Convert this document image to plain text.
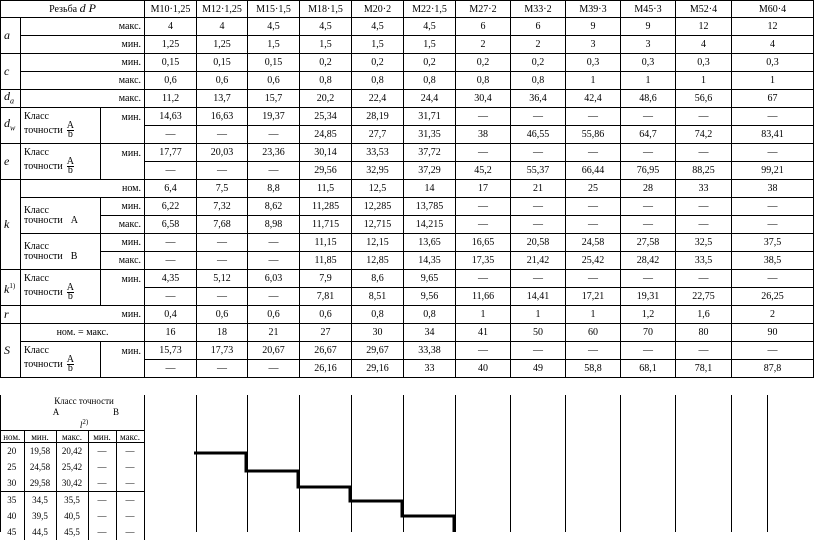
Резьба d P			M10·1,25	M12·1,25	M15·1,5	M18·1,5	M20·2	M22·1,5	M27·2	M33·2	M39·3	M45·3	M52·4	M60·4
a	макс.		4	4	4,5	4,5	4,5	4,5	6	6	9	9	12	12
	мин.		1,25	1,25	1,5	1,5	1,5	1,5	2	2	3	3	4	4
c	мин.		0,15	0,15	0,15	0,2	0,2	0,2	0,2	0,2	0,3	0,3	0,3	0,3
	макс.		0,6	0,6	0,6	0,8	0,8	0,8	0,8	0,8	1	1	1	1
$d_a$	макс.		11,2	13,7	15,7	20,2	22,4	24,4	30,4	36,4	42,4	48,6	56,6	67
$d_w$	Класс
точности $\frac{A}{b}$	мин.	14,63	16,63	19,37	25,34	28,19	31,71	—	—	—	—	—	—
			—	—	—	24,85	27,7	31,35	38	46,55	55,86	64,7	74,2	83,41
e	Класс
точности $\frac{A}{b}$	мин.	17,77	20,03	23,36	30,14	33,53	37,72	—	—	—	—	—	—
			—	—	—	29,56	32,95	37,29	45,2	55,37	66,44	76,95	88,25	99,21
k	ном.		6,4	7,5	8,8	11,5	12,5	14	17	21	25	28	33	38

	Класс
точности A	мин.	6,22	7,32	8,62	11,285	12,285	13,785	—	—	—	—	—	—
		макс.	6,58	7,68	8,98	11,715	12,715	14,215	—	—	—	—	—	—

	Класс
точности B	мин.	—	—	—	11,15	12,15	13,65	16,65	20,58	24,58	27,58	32,5	37,5
		макс.	—	—	—	11,85	12,85	14,35	17,35	21,42	25,42	28,42	33,5	38,5
$k^{1)}$	Класс
точности $\frac{A}{b}$	мин.	4,35	5,12	6,03	7,9	8,6	9,65	—	—	—	—	—	—
			—	—	—	7,81	8,51	9,56	11,66	14,41	17,21	19,31	22,75	26,25
r	мин.		0,4	0,6	0,6	0,6	0,8	0,8	1	1	1	1,2	1,6	2
S	ном. = макс.		16	18	21	27	30	34	41	50	60	70	80	90

	Класс
точности $\frac{A}{b}$	мин.	15,73	17,73	20,67	26,67	29,67	33,38	—	—	—	—	—	—
			—	—	—	26,16	29,16	33	40	49	58,8	68,1	78,1	87,8
	Класс точности			
	A		B	
	$l^{2)}$
ном.	мин.	макс.	мин.	макс.
20	19,58	20,42	—	—
25	24,58	25,42	—	—
30	29,58	30,42	—	—
35	34,5	35,5	—	—
40	39,5	40,5	—	—
45	44,5	45,5	—	—
